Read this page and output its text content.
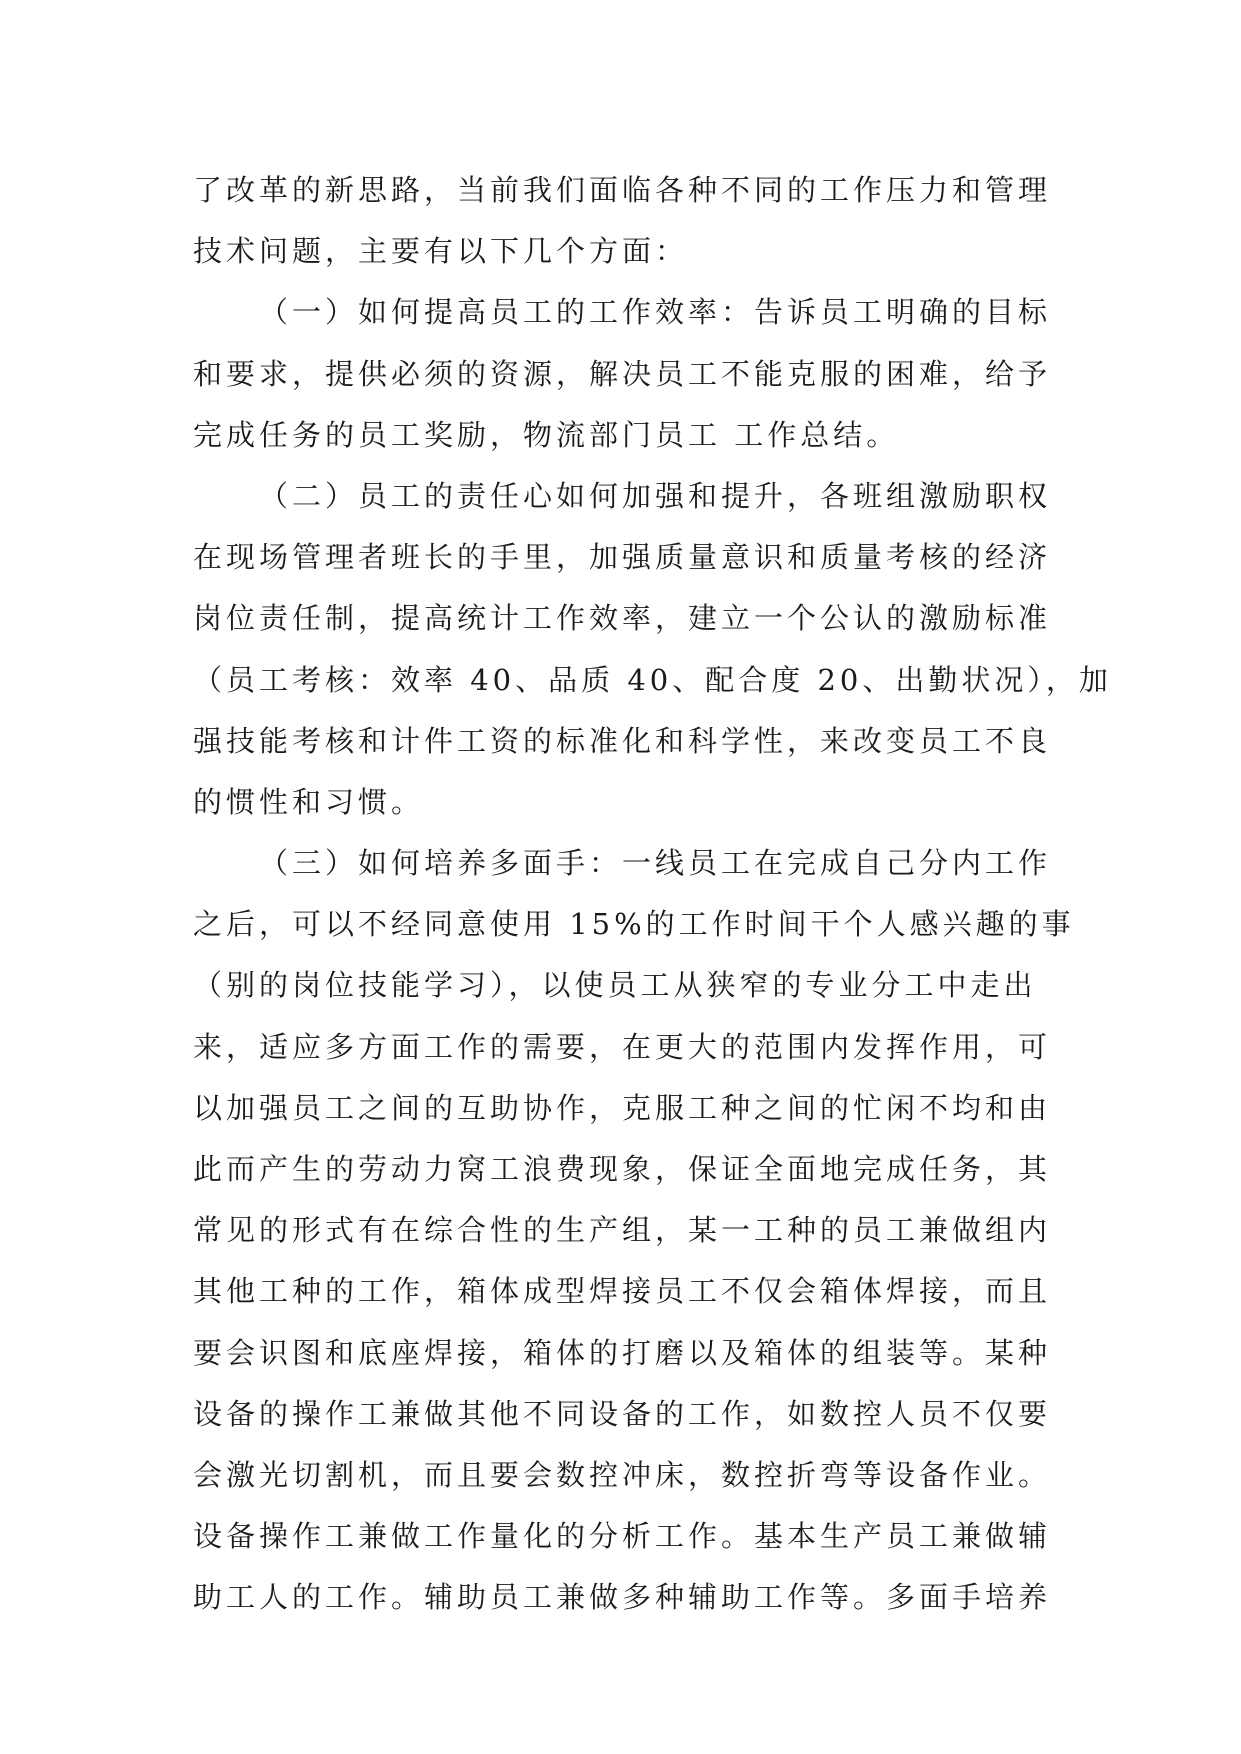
了改革的新思路，当前我们面临各种不同的工作压力和管理
技术问题，主要有以下几个方面：
（一）如何提高员工的工作效率：告诉员工明确的目标
和要求，提供必须的资源，解决员工不能克服的困难，给予
完成任务的员工奖励，物流部门员工 工作总结。
（二）员工的责任心如何加强和提升，各班组激励职权
在现场管理者班长的手里，加强质量意识和质量考核的经济
岗位责任制，提高统计工作效率，建立一个公认的激励标准
（员工考核：效率 40、品质 40、配合度 20、出勤状况），加
强技能考核和计件工资的标准化和科学性，来改变员工不良
的惯性和习惯。
（三）如何培养多面手：一线员工在完成自己分内工作
之后，可以不经同意使用 15%的工作时间干个人感兴趣的事
（别的岗位技能学习），以使员工从狭窄的专业分工中走出
来，适应多方面工作的需要，在更大的范围内发挥作用，可
以加强员工之间的互助协作，克服工种之间的忙闲不均和由
此而产生的劳动力窝工浪费现象，保证全面地完成任务，其
常见的形式有在综合性的生产组，某一工种的员工兼做组内
其他工种的工作，箱体成型焊接员工不仅会箱体焊接，而且
要会识图和底座焊接，箱体的打磨以及箱体的组装等。某种
设备的操作工兼做其他不同设备的工作，如数控人员不仅要
会激光切割机，而且要会数控冲床，数控折弯等设备作业。
设备操作工兼做工作量化的分析工作。基本生产员工兼做辅
助工人的工作。辅助员工兼做多种辅助工作等。多面手培养
